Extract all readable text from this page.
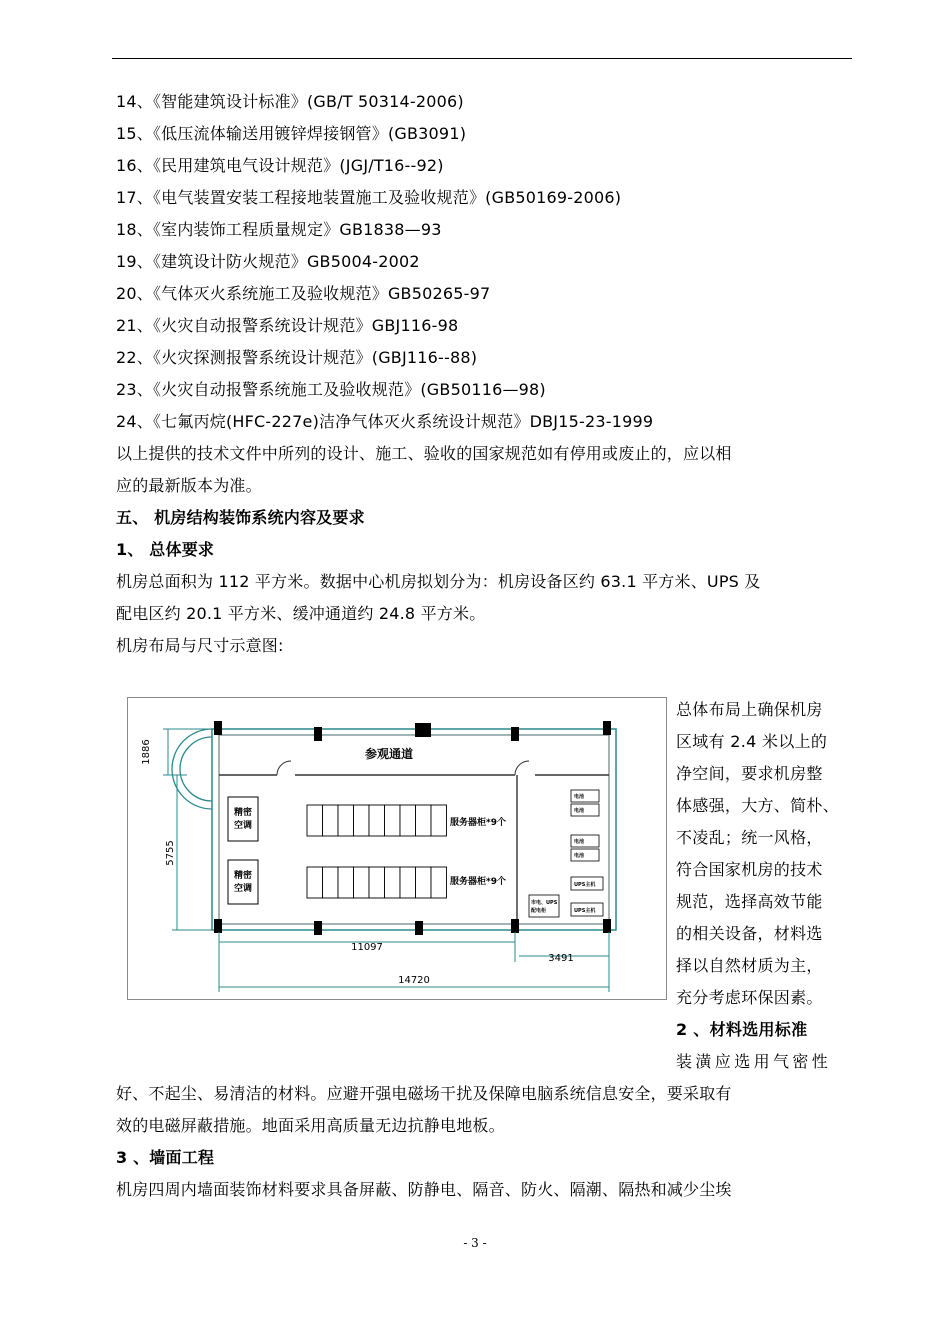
14、《智能建筑设计标准》(GB/T 50314-2006)
15、《低压流体输送用镀锌焊接钢管》(GB3091)
16、《民用建筑电气设计规范》(JGJ/T16--92)
17、《电气装置安装工程接地装置施工及验收规范》(GB50169-2006)
18、《室内装饰工程质量规定》GB1838—93
19、《建筑设计防火规范》GB5004-2002
20、《气体灭火系统施工及验收规范》GB50265-97
21、《火灾自动报警系统设计规范》GBJ116-98
22、《火灾探测报警系统设计规范》(GBJ116--88)
23、《火灾自动报警系统施工及验收规范》(GB50116—98)
24、《七氟丙烷(HFC-227e)洁净气体灭火系统设计规范》DBJ15-23-1999
以上提供的技术文件中所列的设计、施工、验收的国家规范如有停用或废止的，应以相
应的最新版本为准。
五、 机房结构装饰系统内容及要求
1、 总体要求
机房总面积为 112 平方米。数据中心机房拟划分为：机房设备区约 63.1 平方米、UPS 及
配电区约 20.1 平方米、缓冲通道约 24.8 平方米。
机房布局与尺寸示意图:
参观通道
精密
空调
精密
空调
服务器柜*9个
服务器柜*9个
电池
电池
电池
电池
UPS主机
UPS主机
市电、UPS
配电柜
1886
5755
11097
3491
14720
总体布局上确保机房
区域有 2.4 米以上的
净空间，要求机房整
体感强，大方、简朴、
不凌乱；统一风格，
符合国家机房的技术
规范，选择高效节能
的相关设备，材料选
择以自然材质为主，
充分考虑环保因素。
2 、材料选用标准
装潢应选用气密性
好、不起尘、易清洁的材料。应避开强电磁场干扰及保障电脑系统信息安全，要采取有
效的电磁屏蔽措施。地面采用高质量无边抗静电地板。
3 、墙面工程
机房四周内墙面装饰材料要求具备屏蔽、防静电、隔音、防火、隔潮、隔热和减少尘埃
- 3 -
